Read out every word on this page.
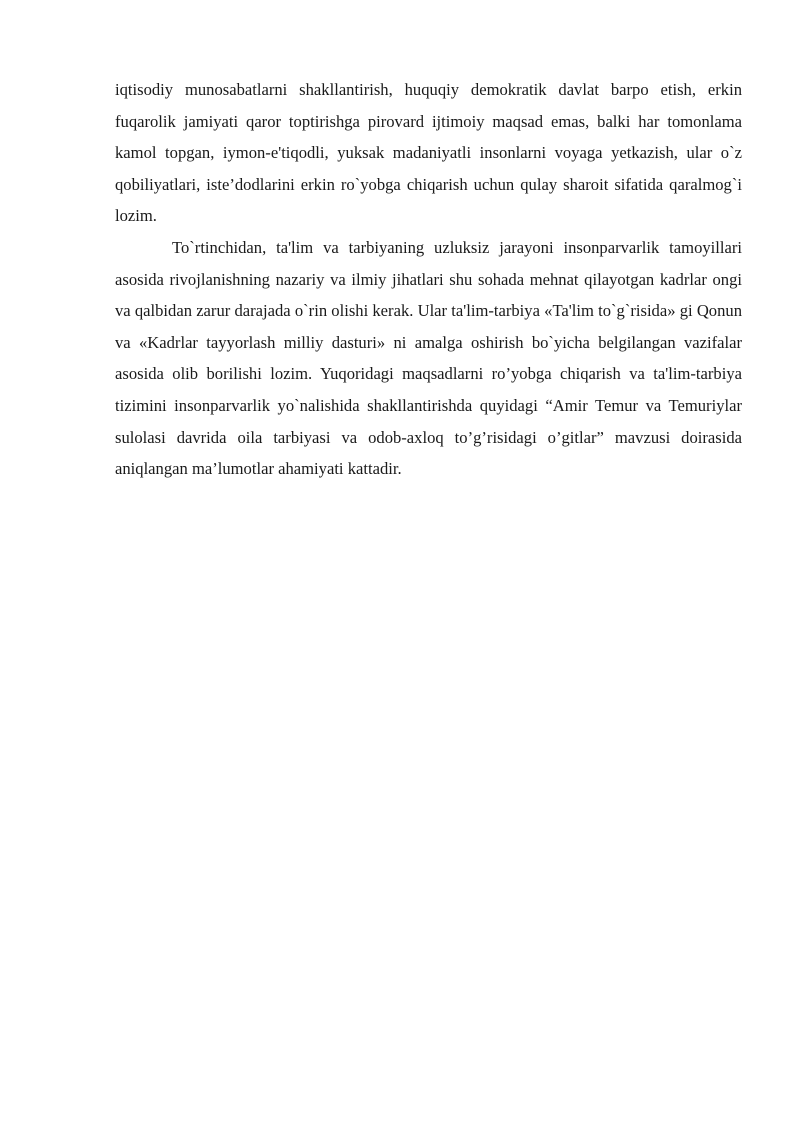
iqtisodiy munosabatlarni shakllantirish, huquqiy demokratik davlat barpo etish, erkin fuqarolik jamiyati qaror toptirishga pirovard ijtimoiy maqsad emas, balki har tomonlama kamol topgan, iymon-e'tiqodli, yuksak madaniyatli insonlarni voyaga yetkazish, ular o`z qobiliyatlari, iste’dodlarini erkin ro`yobga chiqarish uchun qulay sharoit sifatida qaralmog`i lozim.

To`rtinchidan, ta'lim va tarbiyaning uzluksiz jarayoni insonparvarlik tamoyillari asosida rivojlanishning nazariy va ilmiy jihatlari shu sohada mehnat qilayotgan kadrlar ongi va qalbidan zarur darajada o`rin olishi kerak. Ular ta'lim-tarbiya «Ta'lim to`g`risida» gi Qonun va «Kadrlar tayyorlash milliy dasturi» ni amalga oshirish bo`yicha belgilangan vazifalar asosida olib borilishi lozim. Yuqoridagi maqsadlarni ro’yobga chiqarish va ta'lim-tarbiya tizimini insonparvarlik yo`nalishida shakllantirishda quyidagi “Amir Temur va Temuriylar sulolasi davrida oila tarbiyasi va odob-axloq to’g’risidagi o’gitlar” mavzusi doirasida aniqlangan ma’lumotlar ahamiyati kattadir.
